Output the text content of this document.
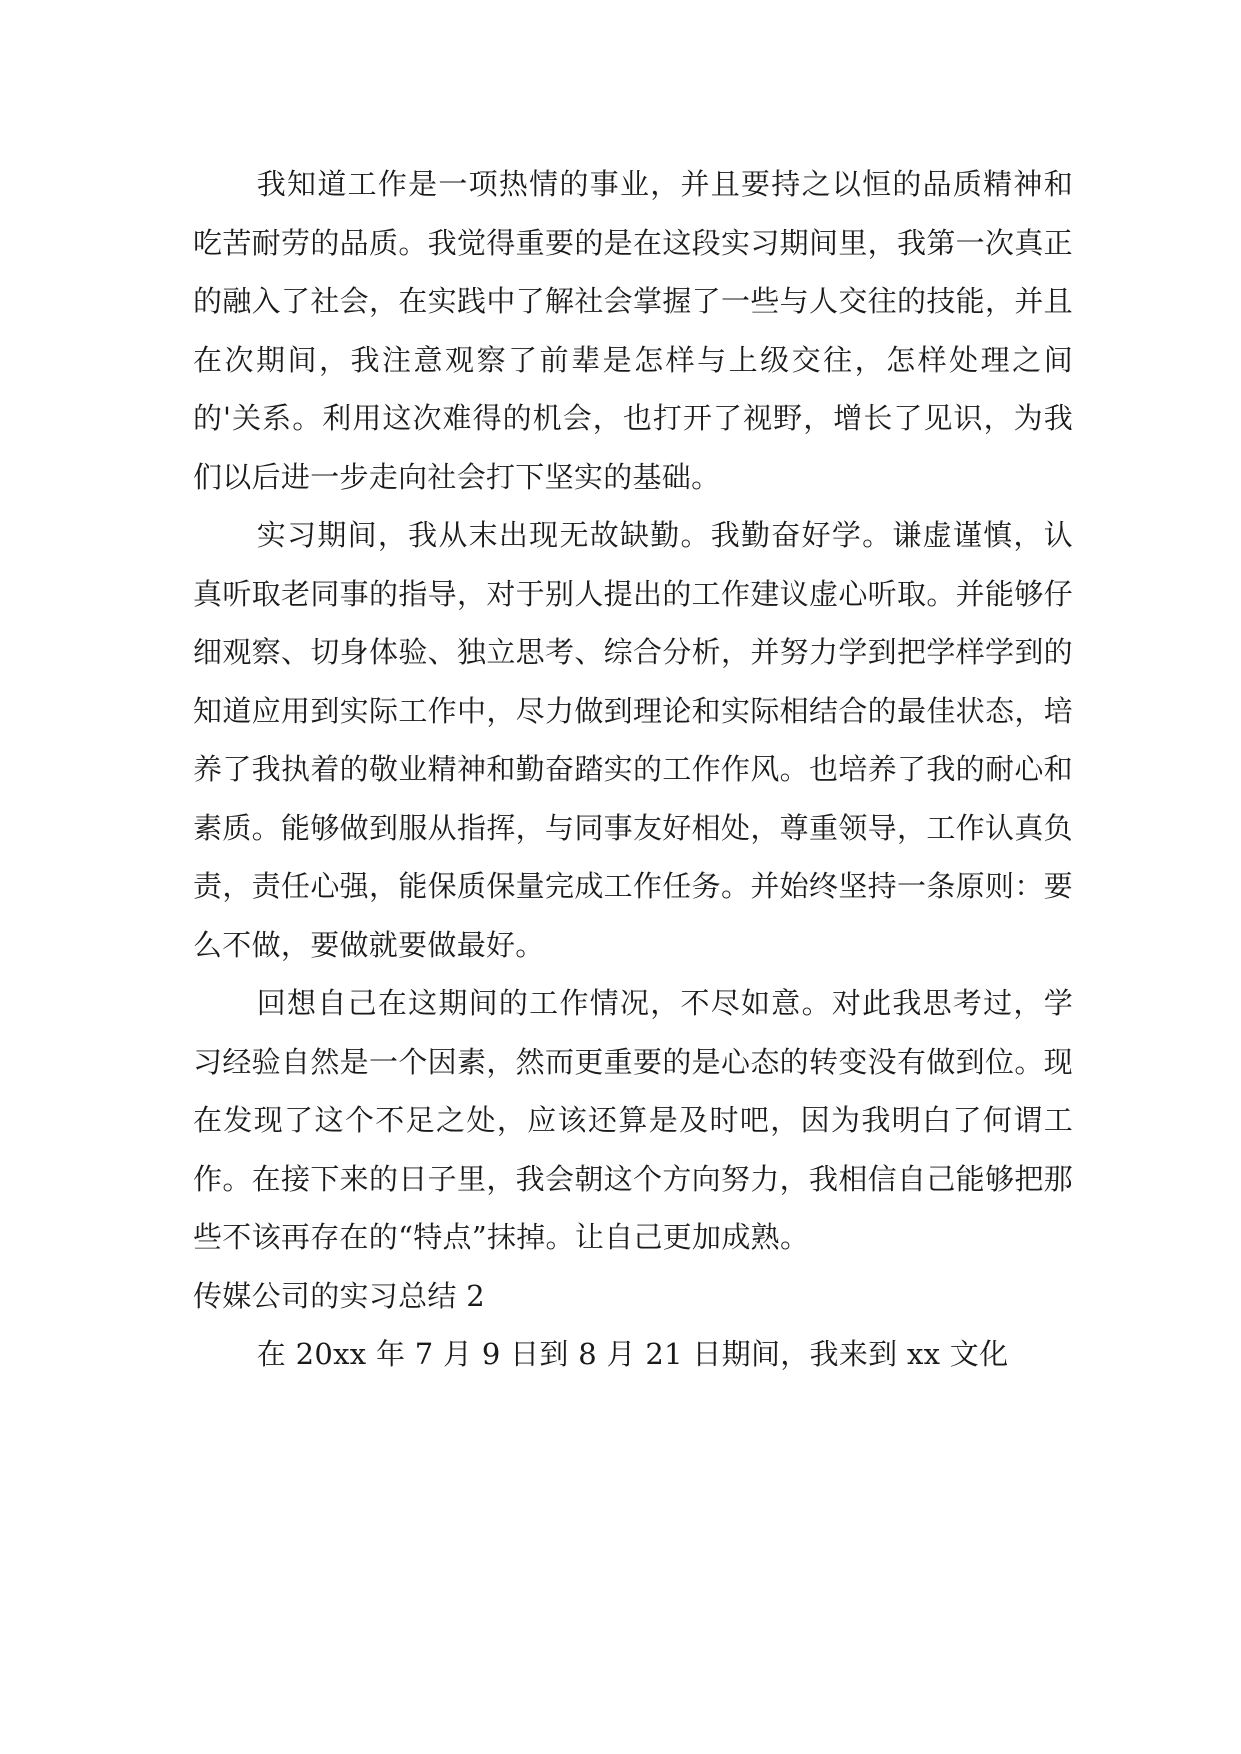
我知道工作是一项热情的事业，并且要持之以恒的品质精神和吃苦耐劳的品质。我觉得重要的是在这段实习期间里，我第一次真正的融入了社会，在实践中了解社会掌握了一些与人交往的技能，并且在次期间，我注意观察了前辈是怎样与上级交往，怎样处理之间的'关系。利用这次难得的机会，也打开了视野，增长了见识，为我们以后进一步走向社会打下坚实的基础。

实习期间，我从末出现无故缺勤。我勤奋好学。谦虚谨慎，认真听取老同事的指导，对于别人提出的工作建议虚心听取。并能够仔细观察、切身体验、独立思考、综合分析，并努力学到把学样学到的知道应用到实际工作中，尽力做到理论和实际相结合的最佳状态，培养了我执着的敬业精神和勤奋踏实的工作作风。也培养了我的耐心和素质。能够做到服从指挥，与同事友好相处，尊重领导，工作认真负责，责任心强，能保质保量完成工作任务。并始终坚持一条原则：要么不做，要做就要做最好。

回想自己在这期间的工作情况，不尽如意。对此我思考过，学习经验自然是一个因素，然而更重要的是心态的转变没有做到位。现在发现了这个不足之处，应该还算是及时吧，因为我明白了何谓工作。在接下来的日子里，我会朝这个方向努力，我相信自己能够把那些不该再存在的“特点”抹掉。让自己更加成熟。

传媒公司的实习总结 2

在 20xx 年 7 月 9 日到 8 月 21 日期间，我来到 xx 文化
